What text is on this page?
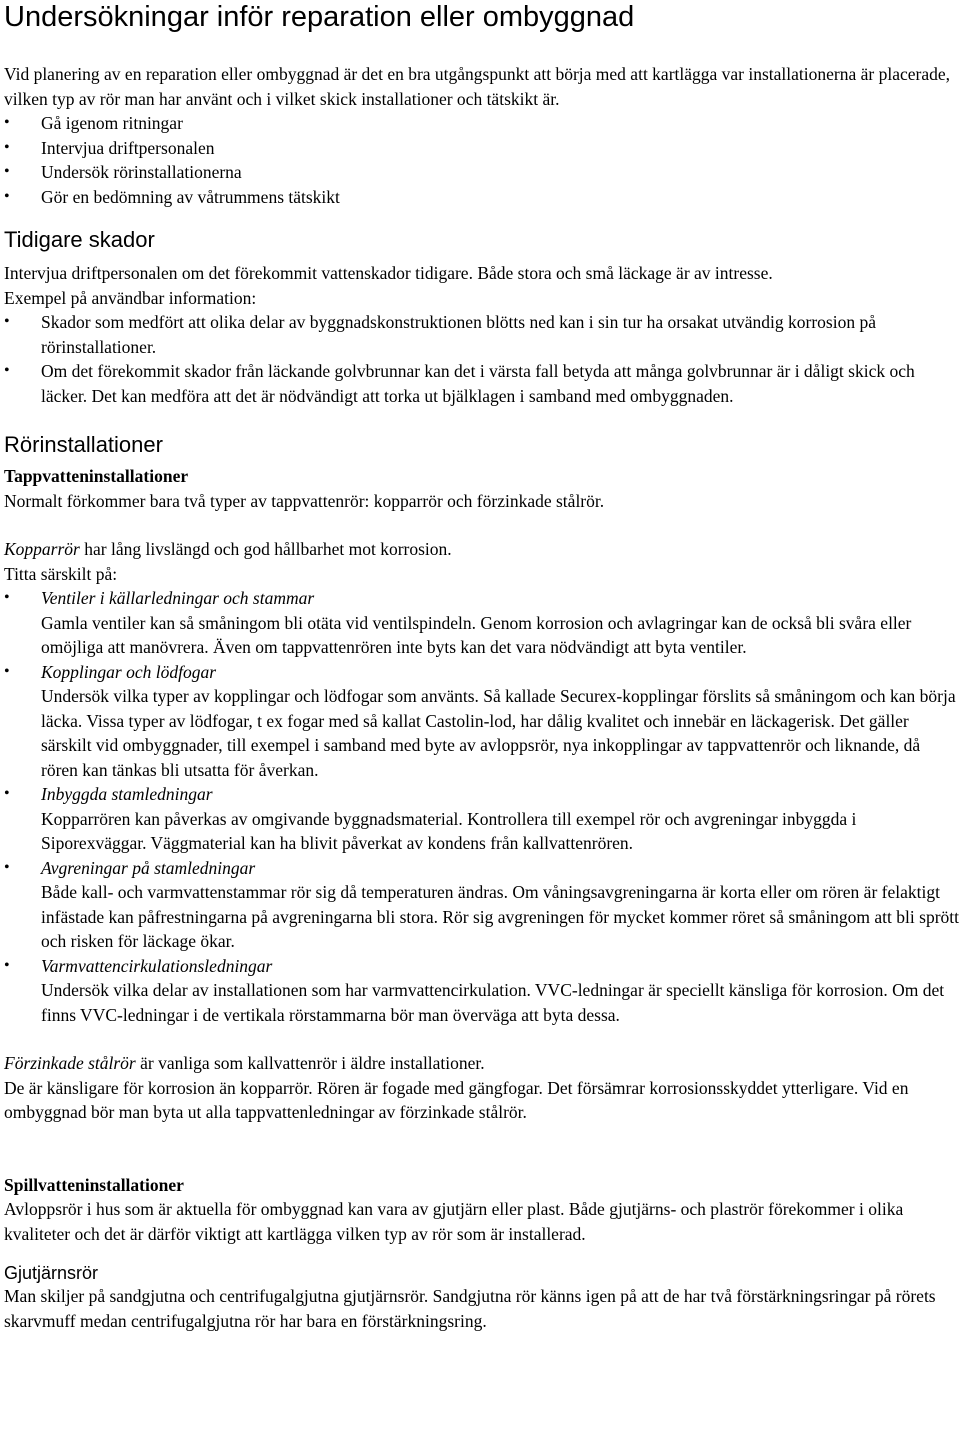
Undersökningar inför reparation eller ombyggnad

Vid planering av en reparation eller ombyggnad är det en bra utgångspunkt att börja med att kartlägga var installationerna är placerade, vilken typ av rör man har använt och i vilket skick installationer och tätskikt är.

• Gå igenom ritningar
• Intervjua driftpersonalen
• Undersök rörinstallationerna
• Gör en bedömning av våtrummens tätskikt
Tidigare skador

Intervjua driftpersonalen om det förekommit vattenskador tidigare. Både stora och små läckage är av intresse.

Exempel på användbar information:

• Skador som medfört att olika delar av byggnadskonstruktionen blötts ned kan i sin tur ha orsakat utvändig korrosion på rörinstallationer.
• Om det förekommit skador från läckande golvbrunnar kan det i värsta fall betyda att många golvbrunnar är i dåligt skick och läcker. Det kan medföra att det är nödvändigt att torka ut bjälklagen i samband med ombyggnaden.
Rörinstallationer
Tappvatteninstallationer

Normalt förkommer bara två typer av tappvattenrör: kopparrör och förzinkade stålrör.

Kopparrör har lång livslängd och god hållbarhet mot korrosion.

Titta särskilt på:

• Ventiler i källarledningar och stammar
Gamla ventiler kan så småningom bli otäta vid ventilspindeln. Genom korrosion och avlagringar kan de också bli svåra eller omöjliga att manövrera. Även om tappvattenrören inte byts kan det vara nödvändigt att byta ventiler.
• Kopplingar och lödfogar
Undersök vilka typer av kopplingar och lödfogar som använts. Så kallade Securex-kopplingar förslits så småningom och kan börja läcka. Vissa typer av lödfogar, t ex fogar med så kallat Castolin-lod, har dålig kvalitet och innebär en läckagerisk. Det gäller särskilt vid ombyggnader, till exempel i samband med byte av avloppsrör, nya inkopplingar av tappvattenrör och liknande, då rören kan tänkas bli utsatta för åverkan.
• Inbyggda stamledningar
Kopparrören kan påverkas av omgivande byggnadsmaterial. Kontrollera till exempel rör och avgreningar inbyggda i Siporexväggar. Väggmaterial kan ha blivit påverkat av kondens från kallvattenrören.
• Avgreningar på stamledningar
Både kall- och varmvattenstammar rör sig då temperaturen ändras. Om våningsavgreningarna är korta eller om rören är felaktigt infästade kan påfrestningarna på avgreningarna bli stora. Rör sig avgreningen för mycket kommer röret så småningom att bli sprött och risken för läckage ökar.
• Varmvattencirkulationsledningar
Undersök vilka delar av installationen som har varmvattencirkulation. VVC-ledningar är speciellt känsliga för korrosion. Om det finns VVC-ledningar i de vertikala rörstammarna bör man överväga att byta dessa.

Förzinkade stålrör är vanliga som kallvattenrör i äldre installationer.

De är känsligare för korrosion än kopparrör. Rören är fogade med gängfogar. Det försämrar korrosionsskyddet ytterligare. Vid en ombyggnad bör man byta ut alla tappvattenledningar av förzinkade stålrör.

Spillvatteninstallationer

Avloppsrör i hus som är aktuella för ombyggnad kan vara av gjutjärn eller plast. Både gjutjärns- och plaströr förekommer i olika kvaliteter och det är därför viktigt att kartlägga vilken typ av rör som är installerad.

Gjutjärnsrör

Man skiljer på sandgjutna och centrifugalgjutna gjutjärnsrör. Sandgjutna rör känns igen på att de har två förstärkningsringar på rörets skarvmuff medan centrifugalgjutna rör har bara en förstärkningsring.
